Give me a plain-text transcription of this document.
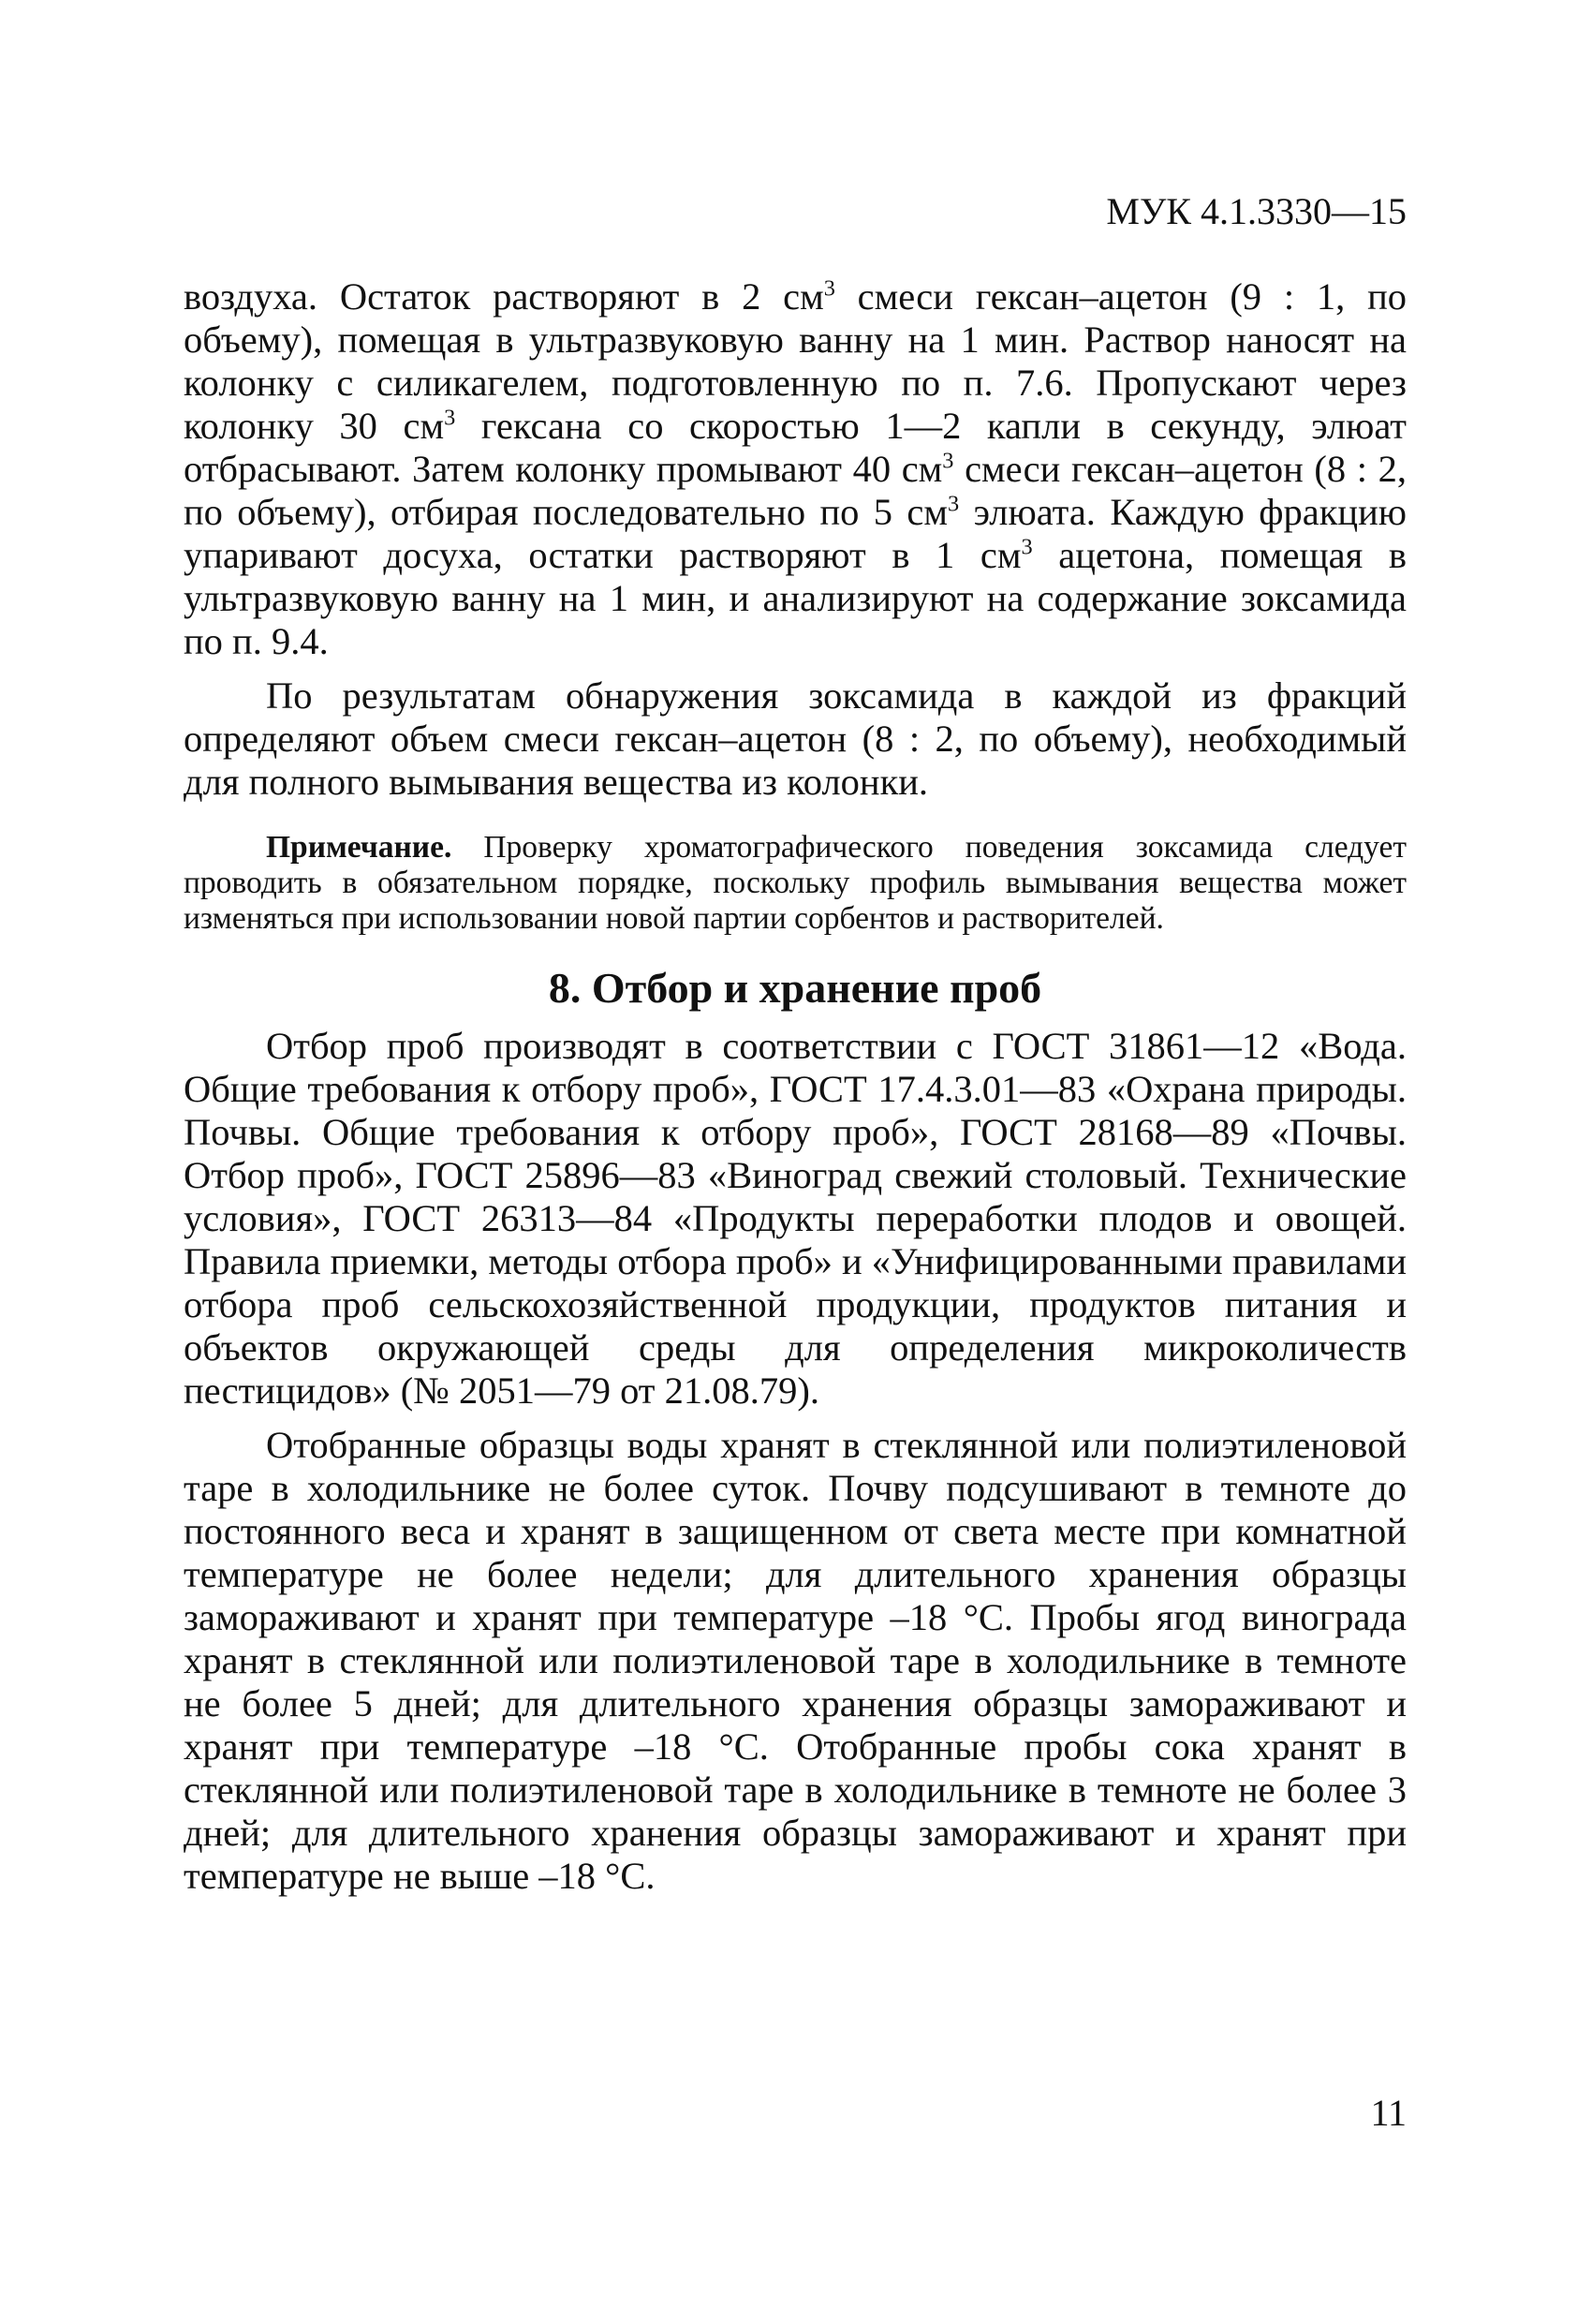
МУК 4.1.3330—15

воздуха. Остаток растворяют в 2 $см^3$ смеси гексан–ацетон (9 : 1, по объему), помещая в ультразвуковую ванну на 1 мин. Раствор наносят на колонку с силикагелем, подготовленную по п. 7.6. Пропускают через колонку 30 $см^3$ гексана со скоростью 1—2 капли в секунду, элюат отбрасывают. Затем колонку промывают 40 $см^3$ смеси гексан–ацетон (8 : 2, по объему), отбирая последовательно по 5 $см^3$ элюата. Каждую фракцию упаривают досуха, остатки растворяют в 1 $см^3$ ацетона, помещая в ультразвуковую ванну на 1 мин, и анализируют на содержание зоксамида по п. 9.4.

По результатам обнаружения зоксамида в каждой из фракций определяют объем смеси гексан–ацетон (8 : 2, по объему), необходимый для полного вымывания вещества из колонки.

Примечание. Проверку хроматографического поведения зоксамида следует проводить в обязательном порядке, поскольку профиль вымывания вещества может изменяться при использовании новой партии сорбентов и растворителей.

8. Отбор и хранение проб

Отбор проб производят в соответствии с ГОСТ 31861—12 «Вода. Общие требования к отбору проб», ГОСТ 17.4.3.01—83 «Охрана природы. Почвы. Общие требования к отбору проб», ГОСТ 28168—89 «Почвы. Отбор проб», ГОСТ 25896—83 «Виноград свежий столовый. Технические условия», ГОСТ 26313—84 «Продукты переработки плодов и овощей. Правила приемки, методы отбора проб» и «Унифицированными правилами отбора проб сельскохозяйственной продукции, продуктов питания и объектов окружающей среды для определения микроколичеств пестицидов» (№ 2051—79 от 21.08.79).

Отобранные образцы воды хранят в стеклянной или полиэтиленовой таре в холодильнике не более суток. Почву подсушивают в темноте до постоянного веса и хранят в защищенном от света месте при комнатной температуре не более недели; для длительного хранения образцы замораживают и хранят при температуре –18 °С. Пробы ягод винограда хранят в стеклянной или полиэтиленовой таре в холодильнике в темноте не более 5 дней; для длительного хранения образцы замораживают и хранят при температуре –18 °С. Отобранные пробы сока хранят в стеклянной или полиэтиленовой таре в холодильнике в темноте не более 3 дней; для длительного хранения образцы замораживают и хранят при температуре не выше –18 °С.

11
